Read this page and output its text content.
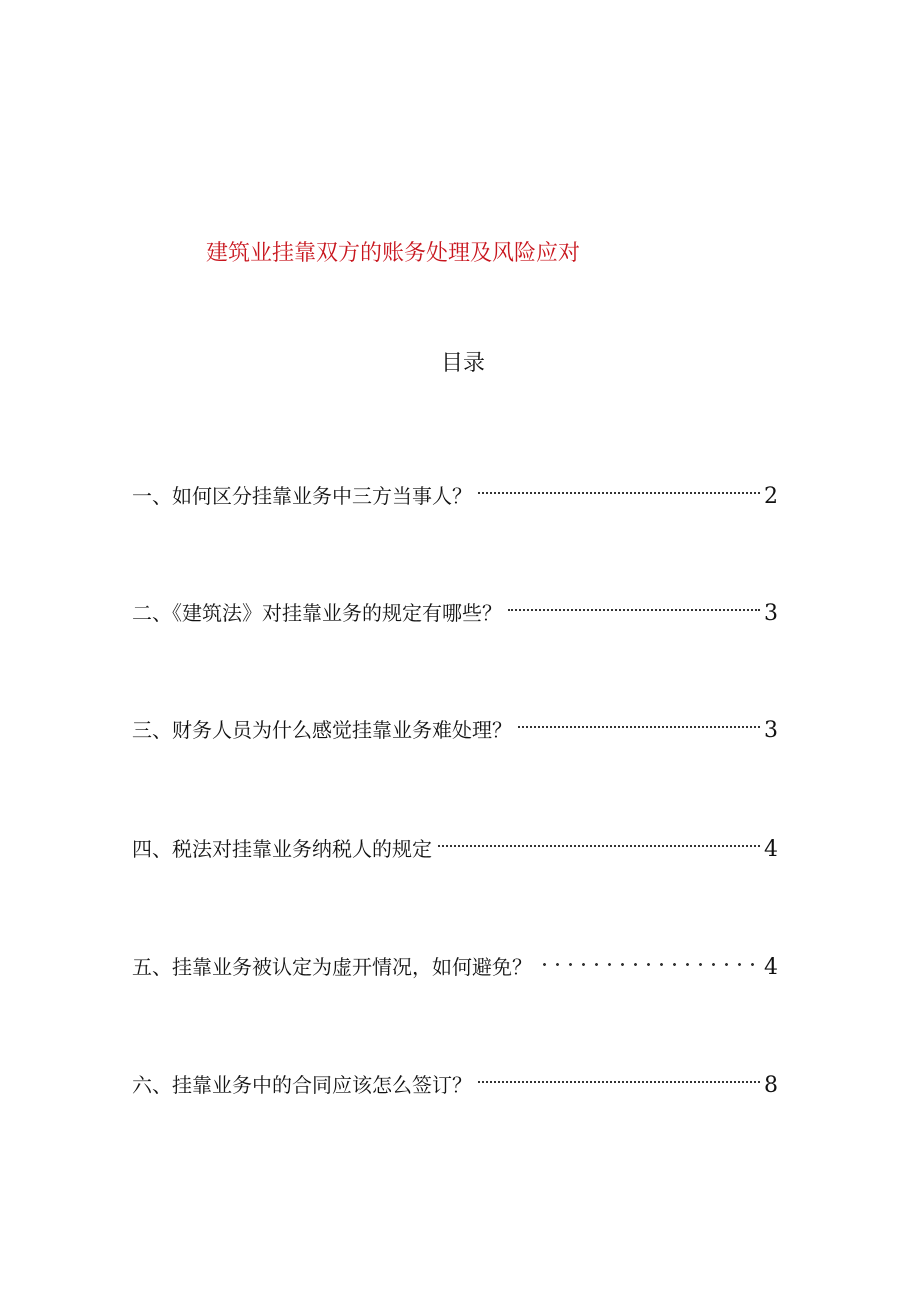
建筑业挂靠双方的账务处理及风险应对
目录
一、如何区分挂靠业务中三方当事人？	2
二、《建筑法》对挂靠业务的规定有哪些？	3
三、财务人员为什么感觉挂靠业务难处理？	3
四、税法对挂靠业务纳税人的规定	4
五、挂靠业务被认定为虚开情况，如何避免？	4
六、挂靠业务中的合同应该怎么签订？	8
